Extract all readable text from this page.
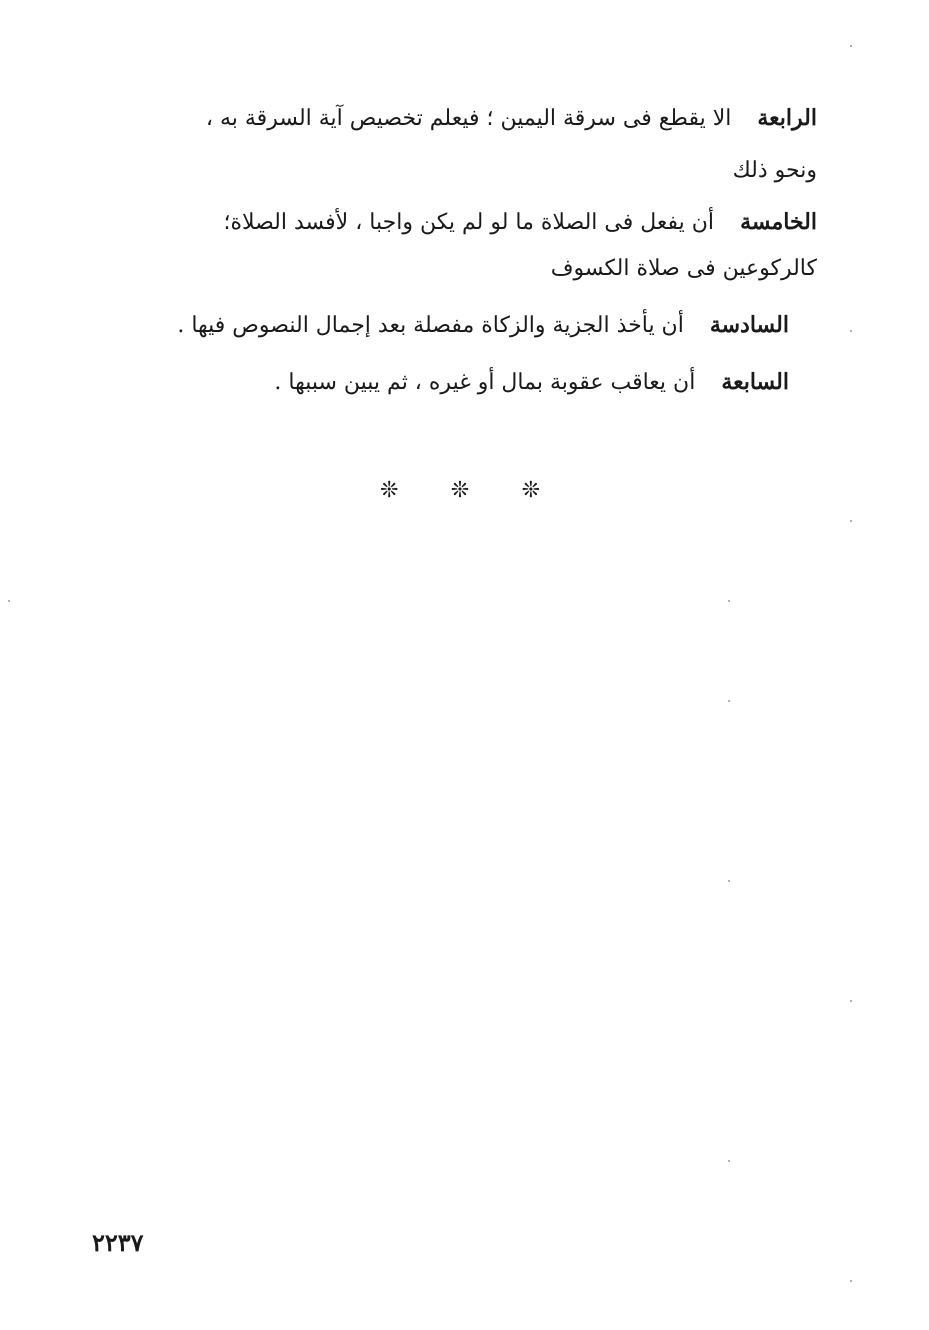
الرابعةالا يقطع فى سرقة اليمين ؛ فيعلم تخصيص آية السرقة به ،
ونحو ذلك
الخامسةأن يفعل فى الصلاة ما لو لم يكن واجبا ، لأفسد الصلاة؛
كالركوعين فى صلاة الكسوف
السادسةأن يأخذ الجزية والزكاة مفصلة بعد إجمال النصوص فيها .
السابعةأن يعاقب عقوبة بمال أو غيره ، ثم يبين سببها .
❊ ❊ ❊
٢٢٣٧
